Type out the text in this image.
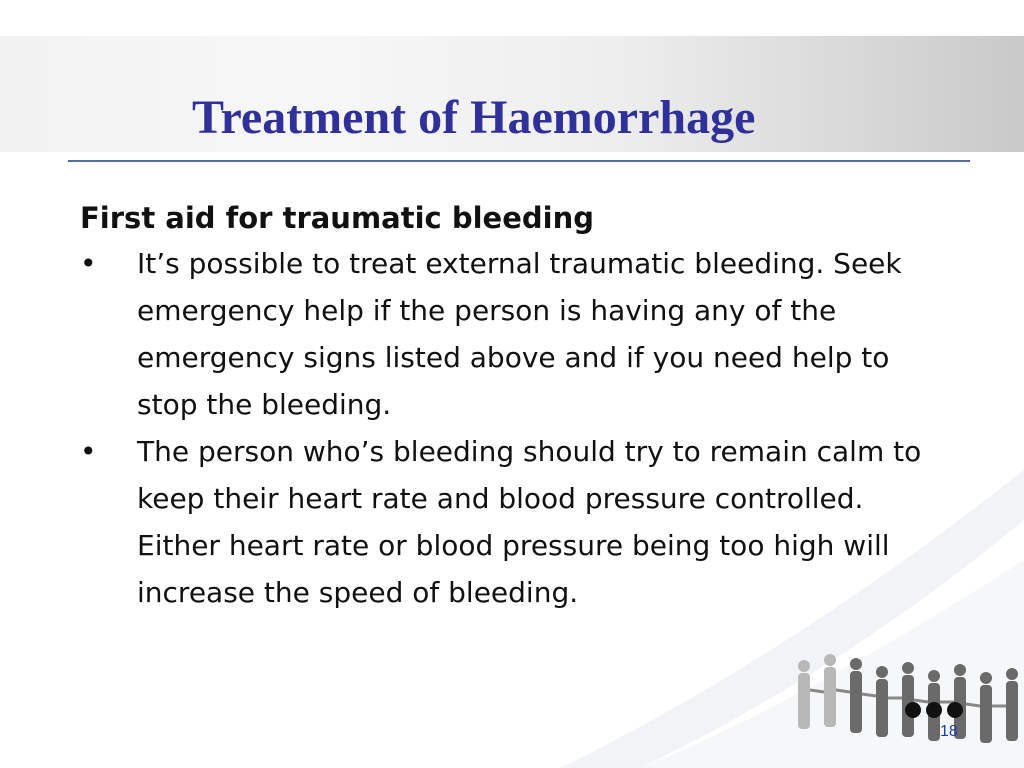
Treatment of Haemorrhage
First aid for traumatic bleeding
• It’s possible to treat external traumatic bleeding. Seek emergency help if the person is having any of the emergency signs listed above and if you need help to stop the bleeding.
• The person who’s bleeding should try to remain calm to keep their heart rate and blood pressure controlled. Either heart rate or blood pressure being too high will increase the speed of bleeding.
18
